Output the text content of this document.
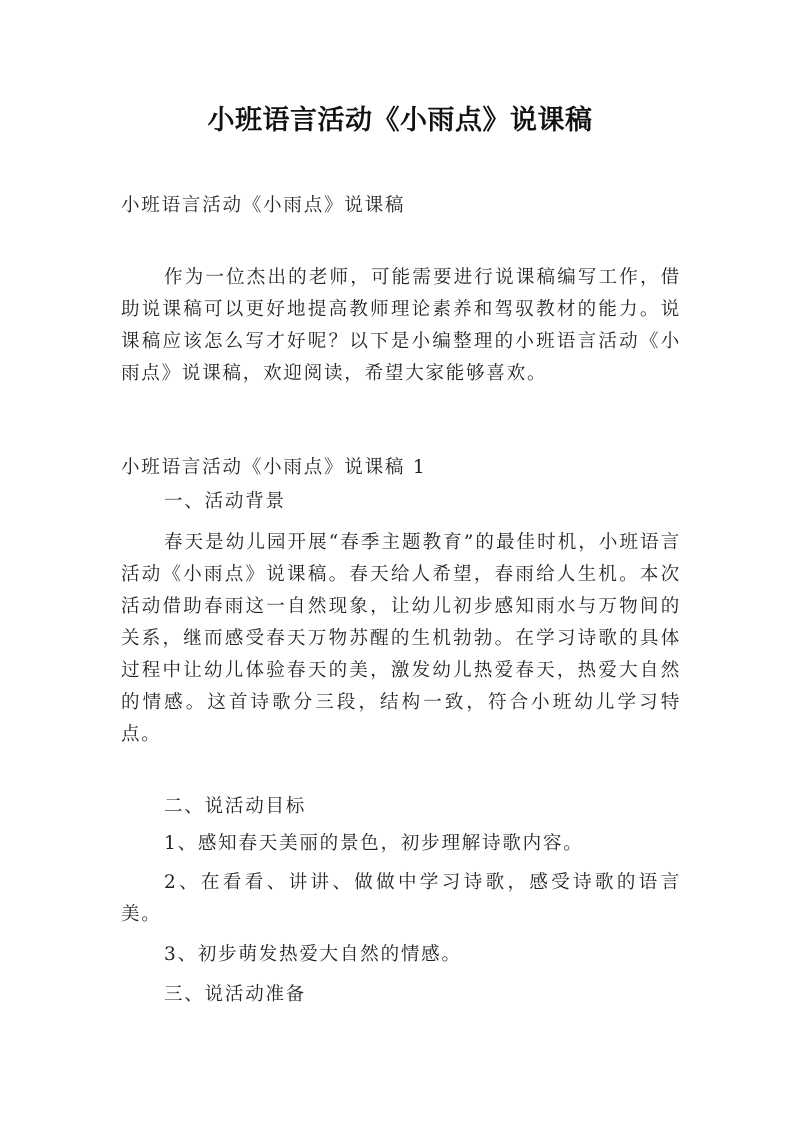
小班语言活动《小雨点》说课稿

小班语言活动《小雨点》说课稿

作为一位杰出的老师，可能需要进行说课稿编写工作，借助说课稿可以更好地提高教师理论素养和驾驭教材的能力。说课稿应该怎么写才好呢？以下是小编整理的小班语言活动《小雨点》说课稿，欢迎阅读，希望大家能够喜欢。

小班语言活动《小雨点》说课稿 1

一、活动背景

春天是幼儿园开展“春季主题教育”的最佳时机，小班语言活动《小雨点》说课稿。春天给人希望，春雨给人生机。本次活动借助春雨这一自然现象，让幼儿初步感知雨水与万物间的关系，继而感受春天万物苏醒的生机勃勃。在学习诗歌的具体过程中让幼儿体验春天的美，激发幼儿热爱春天，热爱大自然的情感。这首诗歌分三段，结构一致，符合小班幼儿学习特点。

二、说活动目标

1、感知春天美丽的景色，初步理解诗歌内容。

2、在看看、讲讲、做做中学习诗歌，感受诗歌的语言美。

3、初步萌发热爱大自然的情感。

三、说活动准备
